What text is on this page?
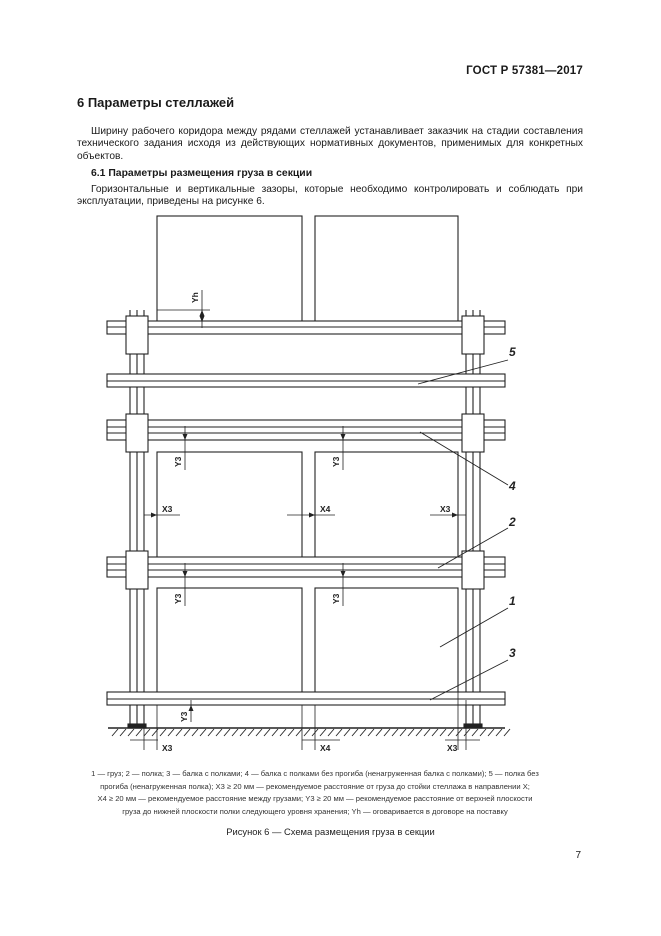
ГОСТ Р 57381—2017
6 Параметры стеллажей
Ширину рабочего коридора между рядами стеллажей устанавливает заказчик на стадии составления технического задания исходя из действующих нормативных документов, применимых для конкретных объектов.
6.1 Параметры размещения груза в секции
Горизонтальные и вертикальные зазоры, которые необходимо контролировать и соблюдать при эксплуатации, приведены на рисунке 6.
Yh
Y3	Y3
Y3	Y3
Y3
X3	X4	X3
X3	X4	X3
5
4
2
1
3
1 — груз; 2 — полка; 3 — балка с полками; 4 — балка с полками без прогиба (ненагруженная балка с полками); 5 — полка без
прогиба (ненагруженная полка); X3 ≥ 20 мм — рекомендуемое расстояние от груза до стойки стеллажа в направлении X;
X4 ≥ 20 мм — рекомендуемое расстояние между грузами; Y3 ≥ 20 мм — рекомендуемое расстояние от верхней плоскости
груза до нижней плоскости полки следующего уровня хранения; Yh — оговаривается в договоре на поставку
Рисунок 6 — Схема размещения груза в секции
7
